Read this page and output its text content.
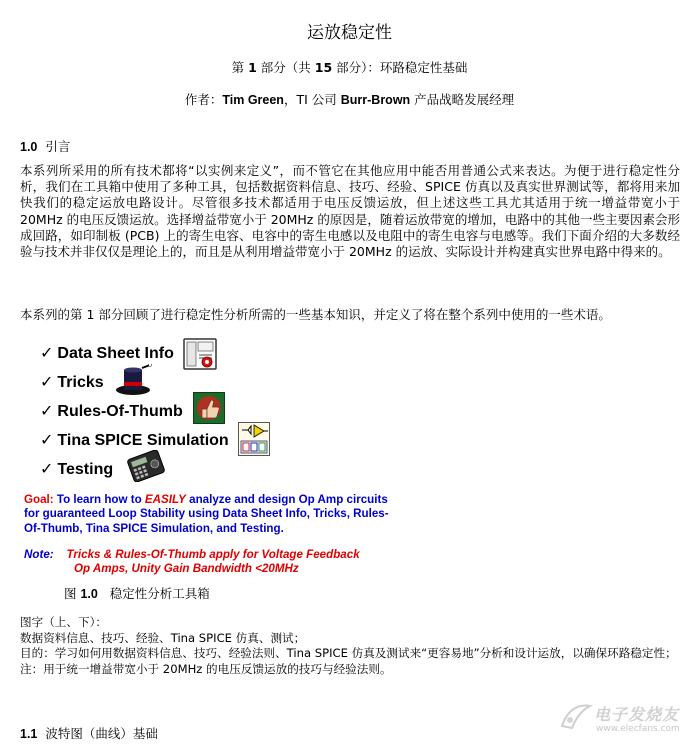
运放稳定性
第 1 部分（共 15 部分）：环路稳定性基础
作者：Tim Green，TI 公司 Burr-Brown 产品战略发展经理
1.0 引言
本系列所采用的所有技术都将“以实例来定义”，而不管它在其他应用中能否用普通公式来表达。为便于进行稳定性分析，我们在工具箱中使用了多种工具，包括数据资料信息、技巧、经验、SPICE 仿真以及真实世界测试等，都将用来加快我们的稳定运放电路设计。尽管很多技术都适用于电压反馈运放，但上述这些工具尤其适用于统一增益带宽小于 20MHz 的电压反馈运放。选择增益带宽小于 20MHz 的原因是，随着运放带宽的增加，电路中的其他一些主要因素会形成回路，如印制板 (PCB) 上的寄生电容、电容中的寄生电感以及电阻中的寄生电容与电感等。我们下面介绍的大多数经验与技术并非仅仅是理论上的，而且是从利用增益带宽小于 20MHz 的运放、实际设计并构建真实世界电路中得来的。
本系列的第 1 部分回顾了进行稳定性分析所需的一些基本知识，并定义了将在整个系列中使用的一些术语。
✓ Data Sheet Info
✓ Tricks
✓ Rules-Of-Thumb
✓ Tina SPICE Simulation
✓ Testing
Goal: To learn how to EASILY analyze and design Op Amp circuits for guaranteed Loop Stability using Data Sheet Info, Tricks, Rules-Of-Thumb, Tina SPICE Simulation, and Testing.
Note: Tricks & Rules-Of-Thumb apply for Voltage Feedback
Op Amps, Unity Gain Bandwidth <20MHz
图 1.0 稳定性分析工具箱
图字（上、下）：
数据资料信息、技巧、经验、Tina SPICE 仿真、测试；
目的：学习如何用数据资料信息、技巧、经验法则、Tina SPICE 仿真及测试来“更容易地”分析和设计运放，以确保环路稳定性；
注：用于统一增益带宽小于 20MHz 的电压反馈运放的技巧与经验法则。
1.1 波特图（曲线）基础
电子发烧友
www.elecfans.com
